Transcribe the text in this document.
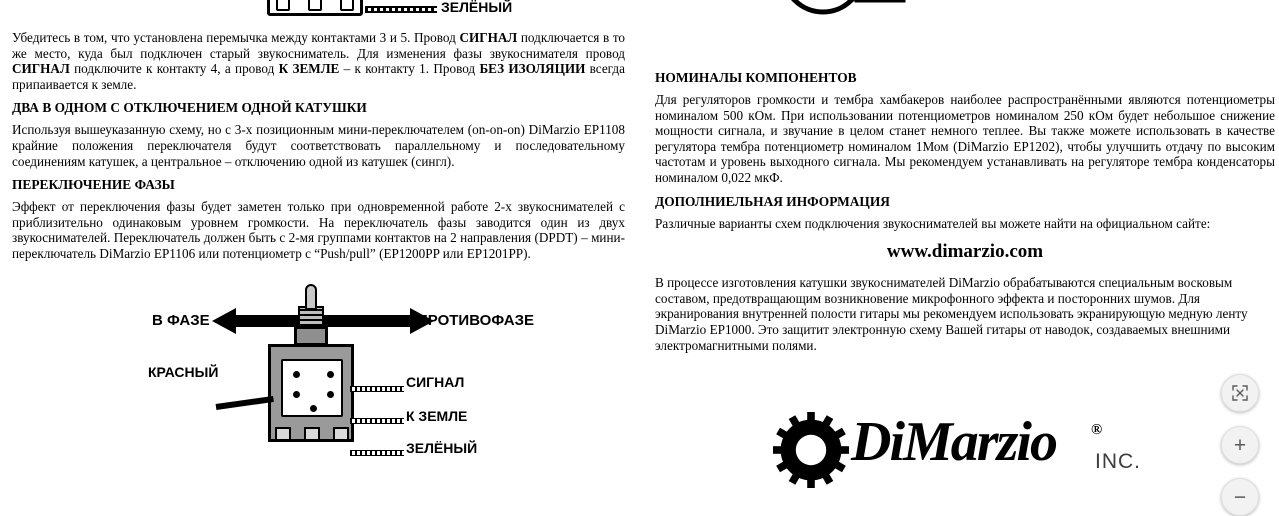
ЗЕЛЁНЫЙ

Убедитесь в том, что установлена перемычка между контактами 3 и 5. Провод СИГНАЛ подключается в то же место, куда был подключен старый звукосниматель. Для изменения фазы звукоснимателя провод СИГНАЛ подключите к контакту 4, а провод К ЗЕМЛЕ – к контакту 1. Провод БЕЗ ИЗОЛЯЦИИ всегда припаивается к земле.

ДВА В ОДНОМ С ОТКЛЮЧЕНИЕМ ОДНОЙ КАТУШКИ

Используя вышеуказанную схему, но с 3-х позиционным мини-переключателем (on-on-on) DiMarzio EP1108 крайние положения переключателя будут соответствовать параллельному и последовательному соединениям катушек, а центральное – отключению одной из катушек (сингл).

ПЕРЕКЛЮЧЕНИЕ ФАЗЫ

Эффект от переключения фазы будет заметен только при одновременной работе 2-х звукоснимателей с приблизительно одинаковым уровнем громкости. На переключатель фазы заводится один из двух звукоснимателей. Переключатель должен быть с 2-мя группами контактов на 2 направления (DPDT) – мини-переключатель DiMarzio EP1106 или потенциометр с “Push/pull” (EP1200PP или EP1201PP).

В ФАЗЕ	В ПРОТИВОФАЗЕ
КРАСНЫЙ
СИГНАЛ
К ЗЕМЛЕ
ЗЕЛЁНЫЙ
НОМИНАЛЫ КОМПОНЕНТОВ

Для регуляторов громкости и тембра хамбакеров наиболее распространёнными являются потенциометры номиналом 500 кОм. При использовании потенциометров номиналом 250 кОм будет небольшое снижение мощности сигнала, и звучание в целом станет немного теплее. Вы также можете использовать в качестве регулятора тембра потенциометр номиналом 1Мом (DiMarzio EP1202), чтобы улучшить отдачу по высоким частотам и уровень выходного сигнала. Мы рекомендуем устанавливать на регуляторе тембра конденсаторы номиналом 0,022 мкФ.

ДОПОЛНИЕЛЬНАЯ ИНФОРМАЦИЯ

Различные варианты схем подключения звукоснимателей вы можете найти на официальном сайте:

www.dimarzio.com

В процессе изготовления катушки звукоснимателей DiMarzio обрабатываются специальным восковым составом, предотвращающим возникновение микрофонного эффекта и посторонних шумов. Для экранирования внутренней полости гитары мы рекомендуем использовать экранирующую медную ленту DiMarzio EP1000. Это защитит электронную схему Вашей гитары от наводок, создаваемых внешними электромагнитными полями.

DiMarzio ®
INC.
+
−
